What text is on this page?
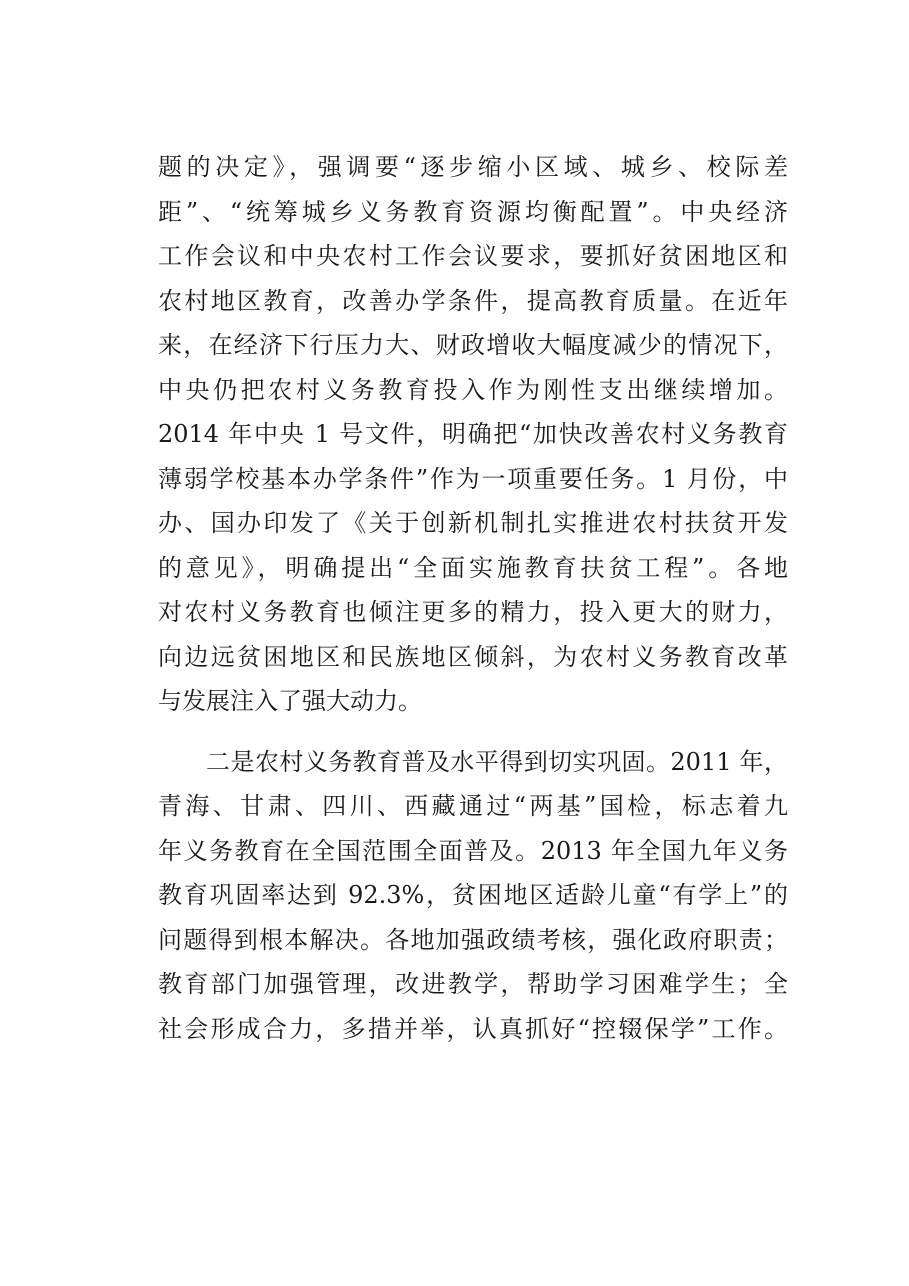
题的决定》，强调要“逐步缩小区域、城乡、校际差
距”、“统筹城乡义务教育资源均衡配置”。中央经济
工作会议和中央农村工作会议要求，要抓好贫困地区和
农村地区教育，改善办学条件，提高教育质量。在近年
来，在经济下行压力大、财政增收大幅度减少的情况下，
中央仍把农村义务教育投入作为刚性支出继续增加。
2014 年中央 1 号文件，明确把“加快改善农村义务教育
薄弱学校基本办学条件”作为一项重要任务。1 月份，中
办、国办印发了《关于创新机制扎实推进农村扶贫开发
的意见》，明确提出“全面实施教育扶贫工程”。各地
对农村义务教育也倾注更多的精力，投入更大的财力，
向边远贫困地区和民族地区倾斜，为农村义务教育改革
与发展注入了强大动力。
二是农村义务教育普及水平得到切实巩固。2011 年，
青海、甘肃、四川、西藏通过“两基”国检，标志着九
年义务教育在全国范围全面普及。2013 年全国九年义务
教育巩固率达到 92.3%，贫困地区适龄儿童“有学上”的
问题得到根本解决。各地加强政绩考核，强化政府职责；
教育部门加强管理，改进教学，帮助学习困难学生；全
社会形成合力，多措并举，认真抓好“控辍保学”工作。
